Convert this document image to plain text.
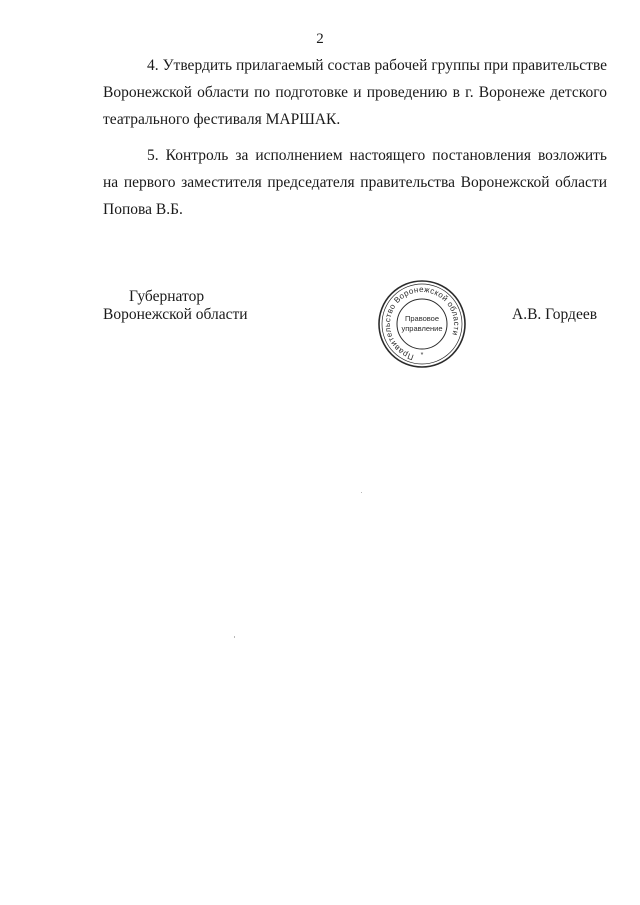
2

4. Утвердить прилагаемый состав рабочей группы при правительстве Воронежской области по подготовке и проведению в г. Воронеже детского театрального фестиваля МАРШАК.

5. Контроль за исполнением настоящего постановления возложить на первого заместителя председателя правительства Воронежской области Попова В.Б.

Губернатор
Воронежской области
Правительство Воронежской области
Правовое
управление
*
А.В. Гордеев
